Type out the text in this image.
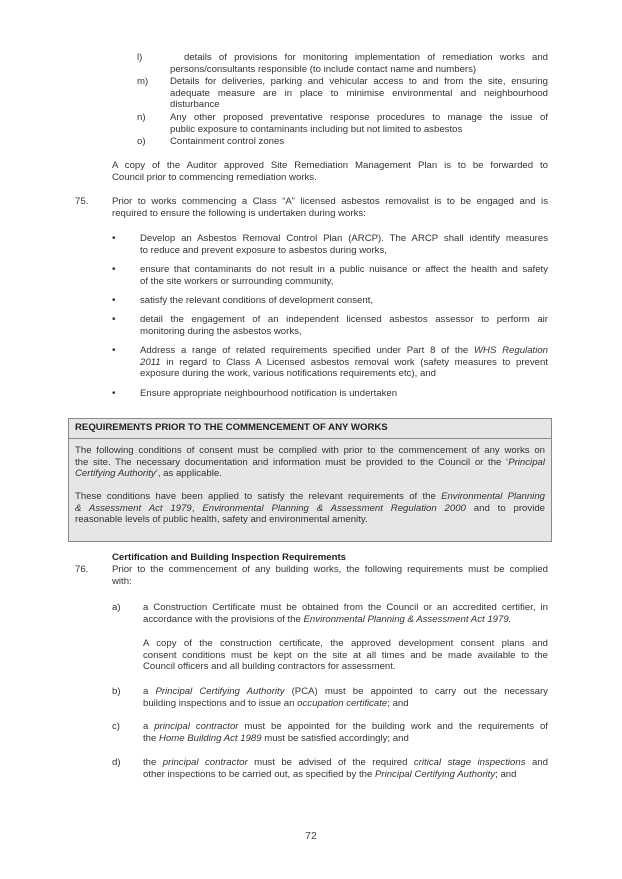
l)	details of provisions for monitoring implementation of remediation works and
persons/consultants responsible (to include contact name and numbers)
m) Details for deliveries, parking and vehicular access to and from the site, ensuring
adequate measure are in place to minimise environmental and neighbourhood
disturbance
n)	Any other proposed preventative response procedures to manage the issue of
public exposure to contaminants including but not limited to asbestos
o)	Containment control zones
A copy of the Auditor approved Site Remediation Management Plan is to be forwarded to
Council prior to commencing remediation works.
75. Prior to works commencing a Class “A” licensed asbestos removalist is to be engaged and is
required to ensure the following is undertaken during works:
•	Develop an Asbestos Removal Control Plan (ARCP). The ARCP shall identify measures
to reduce and prevent exposure to asbestos during works,
•	ensure that contaminants do not result in a public nuisance or affect the health and safety
of the site workers or surrounding community,
•	satisfy the relevant conditions of development consent,
•	detail the engagement of an independent licensed asbestos assessor to perform air
monitoring during the asbestos works,
•	Address a range of related requirements specified under Part 8 of the WHS Regulation
2011 in regard to Class A Licensed asbestos removal work (safety measures to prevent
exposure during the work, various notifications requirements etc), and
•	Ensure appropriate neighbourhood notification is undertaken
REQUIREMENTS PRIOR TO THE COMMENCEMENT OF ANY WORKS
The following conditions of consent must be complied with prior to the commencement of any works on
the site. The necessary documentation and information must be provided to the Council or the ‘Principal
Certifying Authority’, as applicable.
These conditions have been applied to satisfy the relevant requirements of the Environmental Planning
& Assessment Act 1979, Environmental Planning & Assessment Regulation 2000 and to provide
reasonable levels of public health, safety and environmental amenity.
Certification and Building Inspection Requirements
76. Prior to the commencement of any building works, the following requirements must be complied
with:
a) a Construction Certificate must be obtained from the Council or an accredited certifier, in
accordance with the provisions of the Environmental Planning & Assessment Act 1979.
A copy of the construction certificate, the approved development consent plans and
consent conditions must be kept on the site at all times and be made available to the
Council officers and all building contractors for assessment.
b) a Principal Certifying Authority (PCA) must be appointed to carry out the necessary
building inspections and to issue an occupation certificate; and
c) a principal contractor must be appointed for the building work and the requirements of
the Home Building Act 1989 must be satisfied accordingly; and
d) the principal contractor must be advised of the required critical stage inspections and
other inspections to be carried out, as specified by the Principal Certifying Authority; and
72
